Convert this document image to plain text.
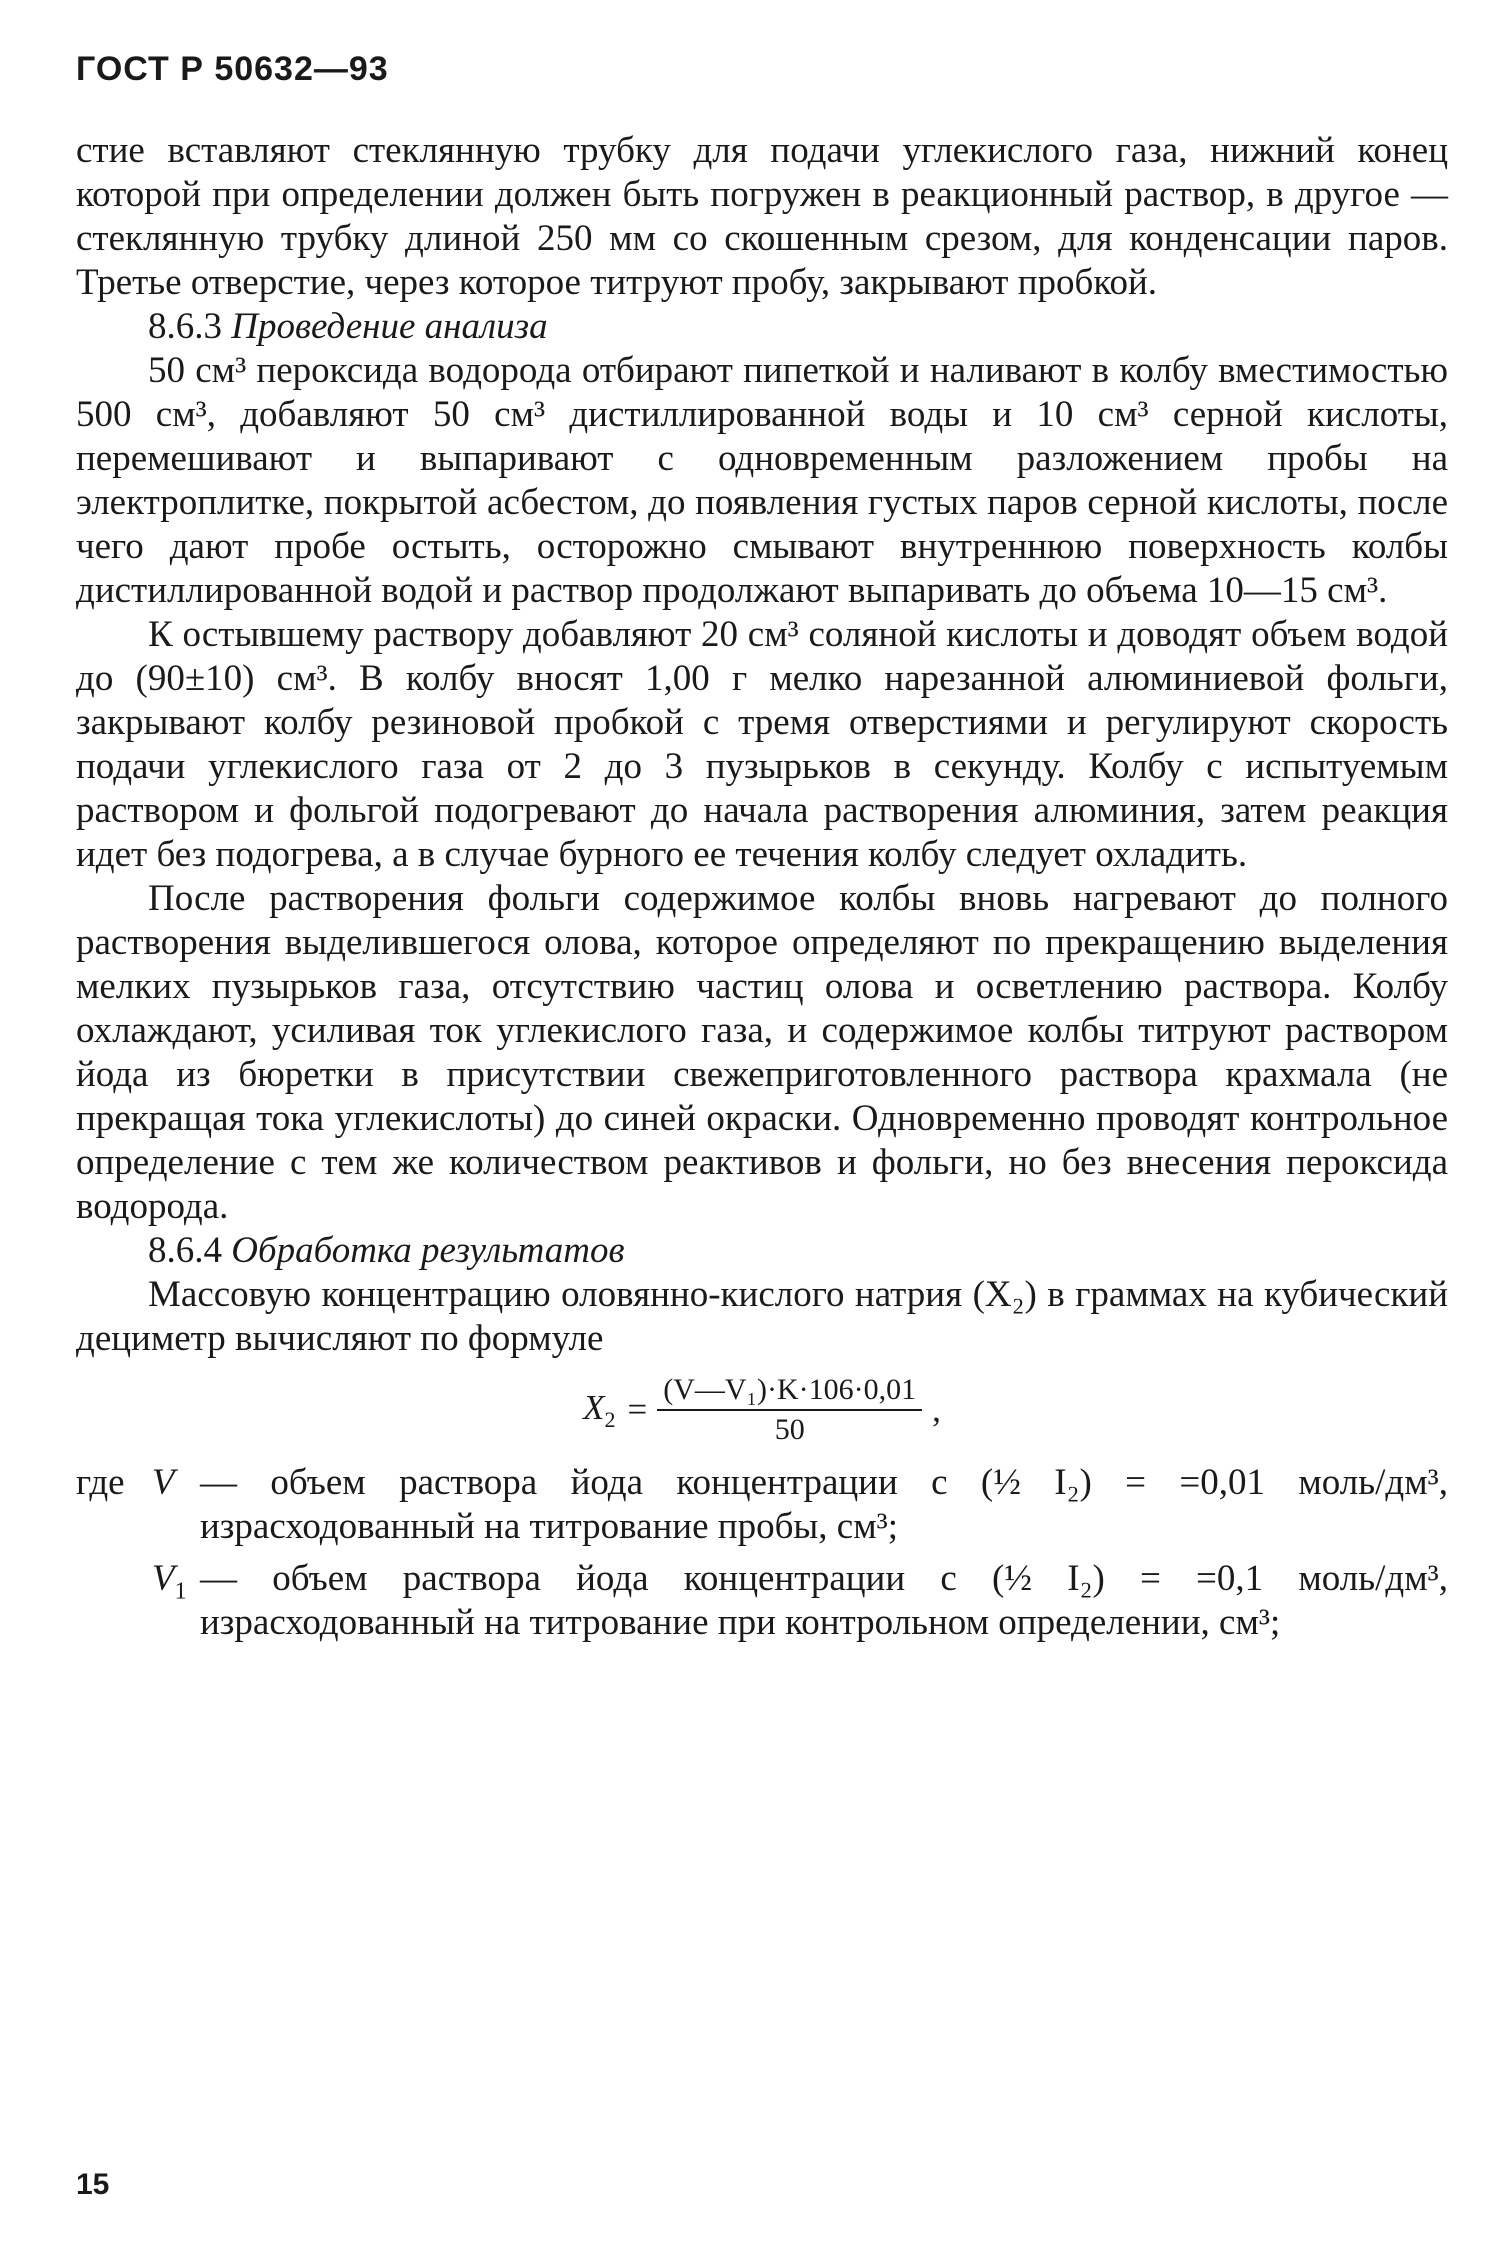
ГОСТ Р 50632—93

стие вставляют стеклянную трубку для подачи углекислого газа, нижний конец которой при определении должен быть погружен в реакционный раствор, в другое — стеклянную трубку длиной 250 мм со скошенным срезом, для конденсации паров. Третье отверстие, через которое титруют пробу, закрывают пробкой.

8.6.3 Проведение анализа

50 см³ пероксида водорода отбирают пипеткой и наливают в колбу вместимостью 500 см³, добавляют 50 см³ дистиллированной воды и 10 см³ серной кислоты, перемешивают и выпаривают с одновременным разложением пробы на электроплитке, покрытой асбестом, до появления густых паров серной кислоты, после чего дают пробе остыть, осторожно смывают внутреннюю поверхность колбы дистиллированной водой и раствор продолжают выпаривать до объема 10—15 см³.

К остывшему раствору добавляют 20 см³ соляной кислоты и доводят объем водой до (90±10) см³. В колбу вносят 1,00 г мелко нарезанной алюминиевой фольги, закрывают колбу резиновой пробкой с тремя отверстиями и регулируют скорость подачи углекислого газа от 2 до 3 пузырьков в секунду. Колбу с испытуемым раствором и фольгой подогревают до начала растворения алюминия, затем реакция идет без подогрева, а в случае бурного ее течения колбу следует охладить.

После растворения фольги содержимое колбы вновь нагревают до полного растворения выделившегося олова, которое определяют по прекращению выделения мелких пузырьков газа, отсутствию частиц олова и осветлению раствора. Колбу охлаждают, усиливая ток углекислого газа, и содержимое колбы титруют раствором йода из бюретки в присутствии свежеприготовленного раствора крахмала (не прекращая тока углекислоты) до синей окраски. Одновременно проводят контрольное определение с тем же количеством реактивов и фольги, но без внесения пероксида водорода.

8.6.4 Обработка результатов

Массовую концентрацию оловянно-кислого натрия (X₂) в граммах на кубический дециметр вычисляют по формуле

$X_2 = \frac{\text{(V—V₁)·K·106·0,01}}{50}$ ,
где V — объем раствора йода концентрации c (½ I₂) = =0,01 моль/дм³, израсходованный на титрование пробы, см³;
$V_1$ — объем раствора йода концентрации c (½ I₂) = =0,1 моль/дм³, израсходованный на титрование при контрольном определении, см³;
15
